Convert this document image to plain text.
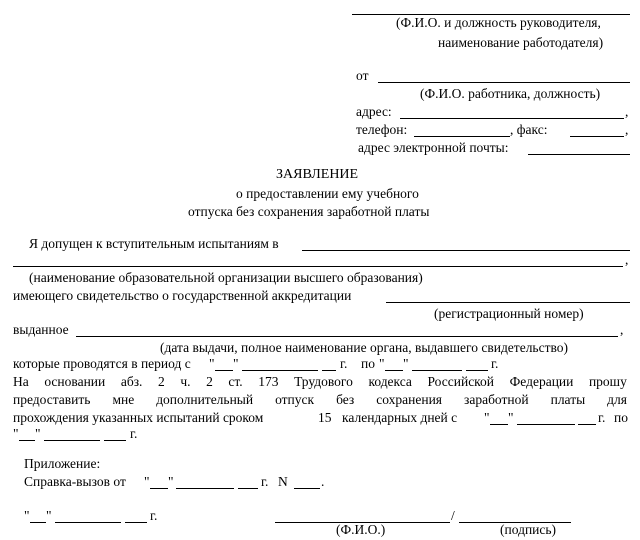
(Ф.И.О. и должность руководителя,
наименование работодателя)
от
(Ф.И.О. работника, должность)
адрес:	,
телефон:	, факс:	,
адрес электронной почты:
ЗАЯВЛЕНИЕ
о предоставлении ему учебного
отпуска без сохранения заработной платы
Я допущен к вступительным испытаниям в
,
(наименование образовательной организации высшего образования)
имеющего свидетельство о государственной аккредитации
(регистрационный номер)
выданное	,
(дата выдачи, полное наименование органа, выдавшего свидетельство)
которые проводятся в период с " "	г. по " "	г.
На основании абз. 2 ч. 2 ст. 173 Трудового кодекса Российской Федерации прошу
предоставить мне дополнительный отпуск без сохранения заработной платы для
прохождения указанных испытаний сроком	15 календарных дней с " "	г. по
" "	г.
Приложение:
Справка-вызов от " "	г. N .
" "	г.	/
(Ф.И.О.)	(подпись)
